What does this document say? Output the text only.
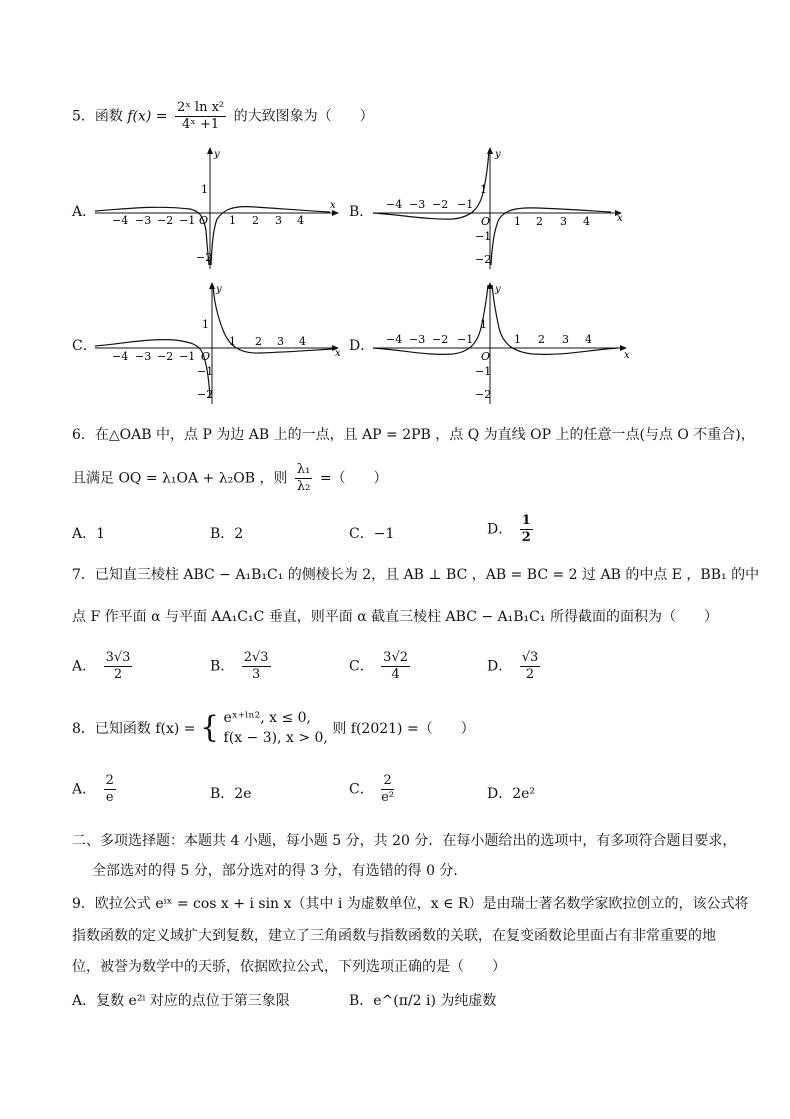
5．函数 $f(x) = \frac{\text{2ˣ ln x²}}{\text{4ˣ +1}}$ 的大致图象为（　　）
A．
−4 −3 −2 −1 O 1 2 3 4
x
y
1
−2
B． −4 −3 −2 −1
O 1 2 3 4	x
y
1
−1
−2
C．
−4 −3 −2 −1 O
1 2 3 4
x
y
1
−1
−2
D． −4 −3 −2 −1
O
1 2 3 4
x
y
1
−1
−2
6．在△OAB 中，点 P 为边 AB 上的一点，且 AP = 2PB ，点 Q 为直线 OP 上的任意一点(与点 O 不重合)，
且满足 OQ = λ₁OA + λ₂OB ，则 $\frac{\text{λ₁}}{\text{λ₂}}$ =（　　）
A．1	B．2	C．−1	D． $\frac{1}{2}$
7．已知直三棱柱 ABC − A₁B₁C₁ 的侧棱长为 2，且 AB ⊥ BC ，AB = BC = 2 过 AB 的中点 E ，BB₁ 的中
点 F 作平面 α 与平面 AA₁C₁C 垂直，则平面 α 截直三棱柱 ABC − A₁B₁C₁ 所得截面的面积为（　　）
A． $\frac{3√3}{2}$	B． $\frac{2√3}{3}$	C． $\frac{3√2}{4}$	D． $\frac{√3}{2}$
8．已知函数 f(x) = { eˣ⁺ˡⁿ², x ≤ 0,
f(x − 3), x > 0,
则 f(2021) =（　　）
A． $\frac{2}{e}$	B．2e	C． $\frac{2}{\text{e²}}$	D．2e²
二、多项选择题：本题共 4 小题，每小题 5 分，共 20 分．在每小题给出的选项中，有多项符合题目要求，
全部选对的得 5 分，部分选对的得 3 分，有选错的得 0 分．
9．欧拉公式 eⁱˣ = cos x + i sin x（其中 i 为虚数单位，x ∈ R）是由瑞士著名数学家欧拉创立的，该公式将
指数函数的定义域扩大到复数，建立了三角函数与指数函数的关联，在复变函数论里面占有非常重要的地
位，被誉为数学中的天骄，依据欧拉公式，下列选项正确的是（　　）
A．复数 e²ⁱ 对应的点位于第三象限	B．e^(π/2 i) 为纯虚数
